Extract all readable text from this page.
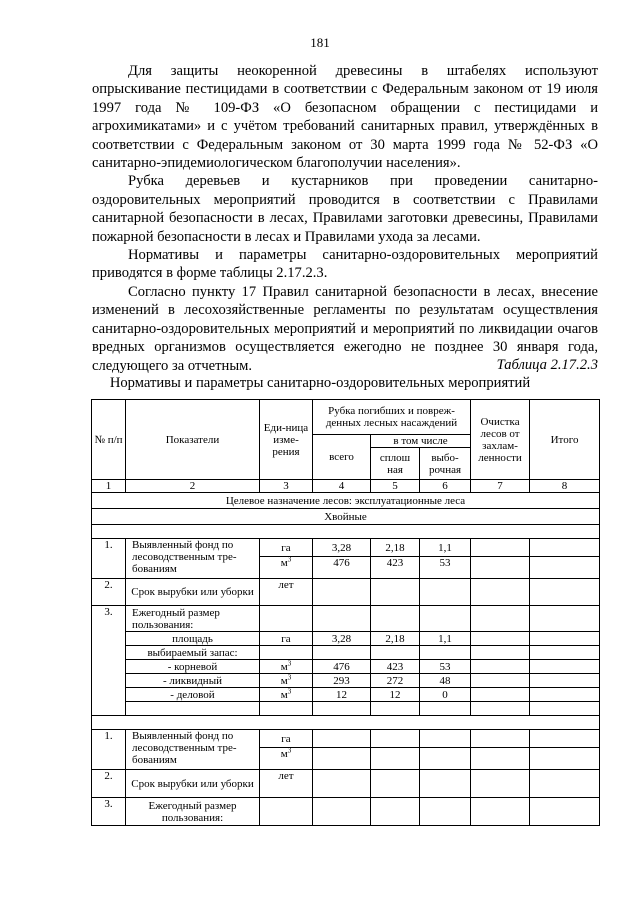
181

Для защиты неокоренной древесины в штабелях используют опрыскивание пестицидами в соответствии с Федеральным законом от 19 июля 1997 года № 109-ФЗ «О безопасном обращении с пестицидами и агрохимикатами» и с учётом требований санитарных правил, утверждённых в соответствии с Федеральным законом от 30 марта 1999 года № 52-ФЗ «О санитарно-эпидемиологическом благополучии населения».

Рубка деревьев и кустарников при проведении санитарно-оздоровительных мероприятий проводится в соответствии с Правилами санитарной безопасности в лесах, Правилами заготовки древесины, Правилами пожарной безопасности в лесах и Правилами ухода за лесами.

Нормативы и параметры санитарно-оздоровительных мероприятий приводятся в форме таблицы 2.17.2.3.

Согласно пункту 17 Правил санитарной безопасности в лесах, внесение изменений в лесохозяйственные регламенты по результатам осуществления санитарно-оздоровительных мероприятий и мероприятий по ликвидации очагов вредных организмов осуществляется ежегодно не позднее 30 января года, следующего за отчетным.	Таблица 2.17.2.3
Нормативы и параметры санитарно-оздоровительных мероприятий
№ п/п	Показатели	Еди-ница изме-рения	Рубка погибших и повреж-денных лесных насаждений			Очистка лесов от захлам-ленности	Итого
			всего	в том числе			
				сплош ная	выбо-рочная		
1	2	3	4	5	6	7	8
Целевое назначение лесов: эксплуатационные леса							
Хвойные							

1.	Выявленный фонд по лесоводственным тре-бованиям	га	3,28	2,18	1,1		
		$м^3$	476	423	53		
2.	Срок вырубки или уборки	лет					
3.	Ежегодный размер пользования:						
	площадь	га	3,28	2,18	1,1		
	выбираемый запас:						
	- корневой	$м^3$	476	423	53		
	- ликвидный	$м^3$	293	272	48		
	- деловой	$м^3$	12	12	0		

1.	Выявленный фонд по лесоводственным тре-бованиям	га					
		$м^3$					
2.	Срок вырубки или уборки	лет					
3.	Ежегодный размер пользования:						
